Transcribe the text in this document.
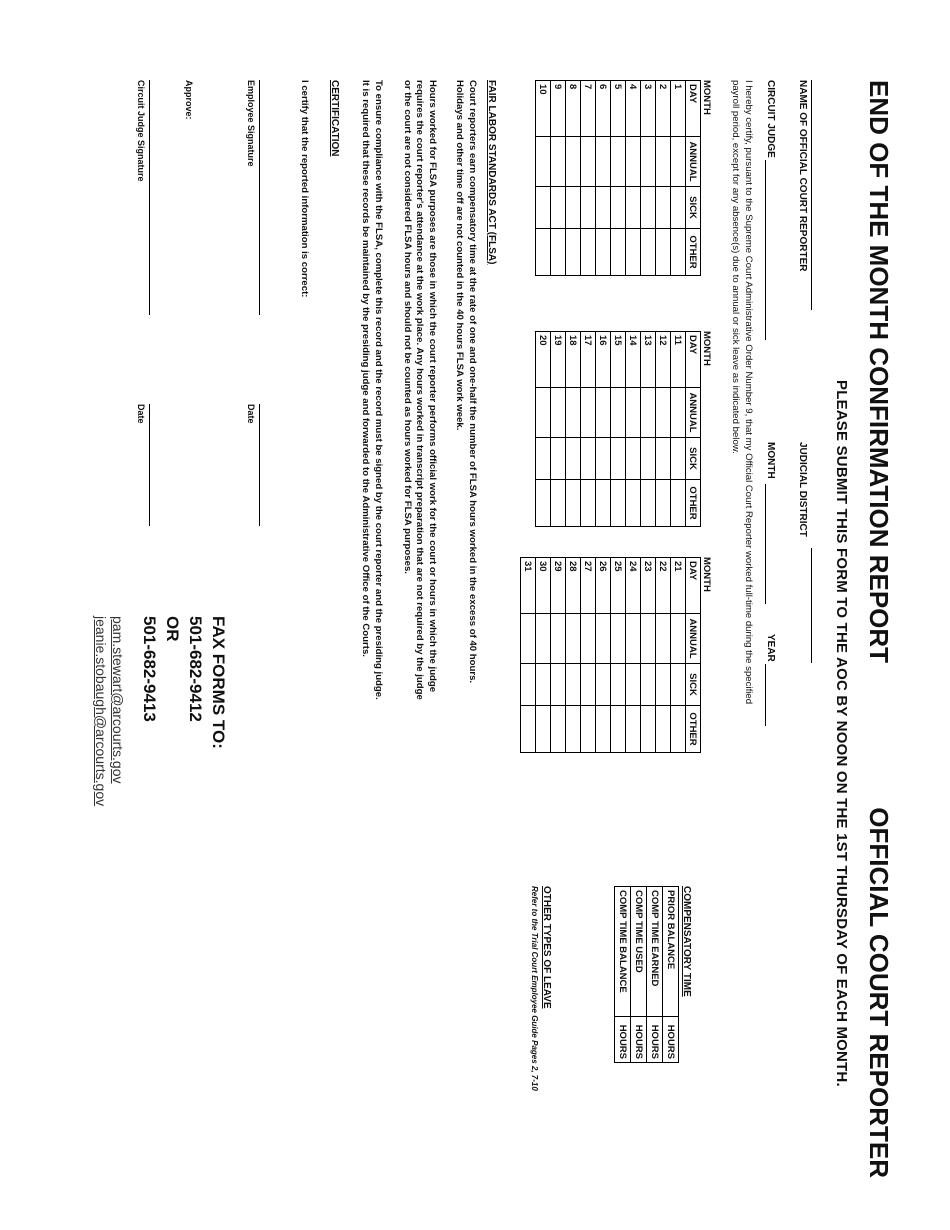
END OF THE MONTH CONFIRMATION REPORT
OFFICIAL COURT REPORTER
PLEASE SUBMIT THIS FORM TO THE AOC BY NOON ON THE 1ST THURSDAY OF EACH MONTH.
NAME OF OFFICIAL COURT REPORTER
JUDICIAL DISTRICT
CIRCUIT JUDGE
MONTH
YEAR
I hereby certify, pursuant to the Supreme Court Administrative Order Number 9, that my Official Court Reporter worked full-time during the specified payroll period, except for any absence(s) due to annual or sick leave as indicated below.
MONTH
DAY	ANNUAL	SICK	OTHER
1			
2			
3			
4			
5			
6			
7			
8			
9			
10			
MONTH
DAY	ANNUAL	SICK	OTHER
11			
12			
13			
14			
15			
16			
17			
18			
19			
20			
MONTH
DAY	ANNUAL	SICK	OTHER
21			
22			
23			
24			
25			
26			
27			
28			
29			
30			
31			
COMPENSATORY TIME
PRIOR BALANCE	HOURS
COMP TIME EARNED	HOURS
COMP TIME USED	HOURS
COMP TIME BALANCE	HOURS
OTHER TYPES OF LEAVE
Refer to the Trial Court Employee Guide Pages 2, 7-10
FAIR LABOR STANDARDS ACT (FLSA)
Court reporters earn compensatory time at the rate of one and one-half the number of FLSA hours worked in the excess of 40 hours.
Holidays and other time off are not counted in the 40 hours FLSA work week.
Hours worked for FLSA purposes are those in which the court reporter performs official work for the court or hours in which the judge
requires the court reporter's attendance at the work place. Any hours worked in transcript preparation that are not required by the judge
or the court are not considered FLSA hours and should not be counted as hours worked for FLSA purposes.
To ensure compliance with the FLSA, complete this record and the record must be signed by the court reporter and the presiding judge.
It is required that these records be maintained by the presiding judge and forwarded to the Administrative Office of the Courts.
CERTIFICATION
I certify that the reported information is correct:
Employee Signature
Date
Approve:
Circuit Judge Signature
Date
FAX FORMS TO:
501-682-9412
OR
501-682-9413
pam.stewart@arcourts.gov
jeanie.stobaugh@arcourts.gov
